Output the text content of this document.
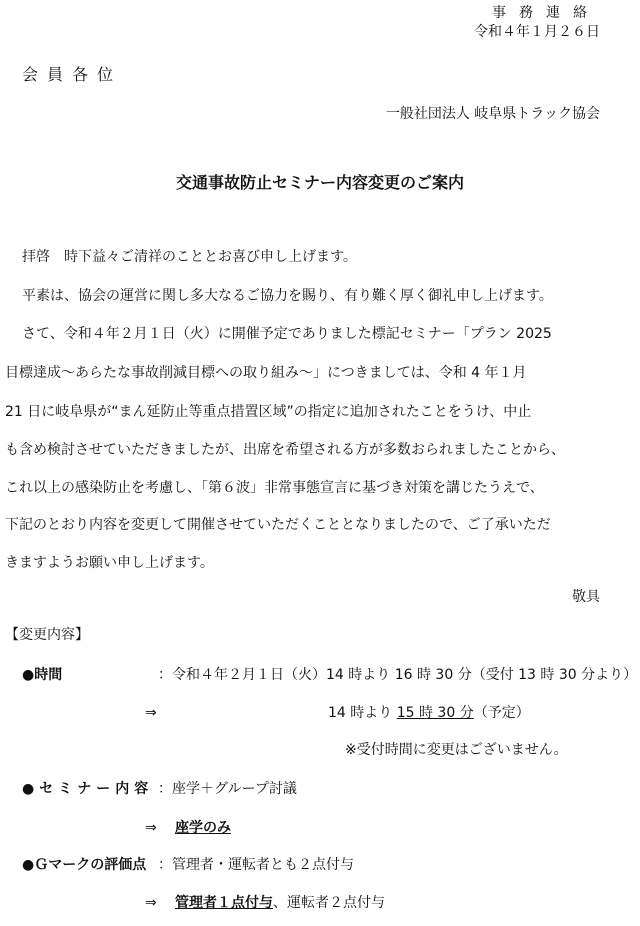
事務連絡
令和４年１月２６日
会員各位
一般社団法人 岐阜県トラック協会
交通事故防止セミナー内容変更のご案内

拝啓　時下益々ご清祥のこととお喜び申し上げます。

平素は、協会の運営に関し多大なるご協力を賜り、有り難く厚く御礼申し上げます。

さて、令和４年２月１日（火）に開催予定でありました標記セミナー「プラン 2025

目標達成～あらたな事故削減目標への取り組み～」につきましては、令和 4 年１月

21 日に岐阜県が“まん延防止等重点措置区域”の指定に追加されたことをうけ、中止

も含め検討させていただきましたが、出席を希望される方が多数おられましたことから、

これ以上の感染防止を考慮し、「第６波」非常事態宣言に基づき対策を講じたうえで、

下記のとおり内容を変更して開催させていただくこととなりましたので、ご了承いただ

きますようお願い申し上げます。

敬具
【変更内容】
●時間	：令和４年２月１日（火）14 時より 16 時 30 分（受付 13 時 30 分より）
⇒	14 時より 15 時 30 分（予定）
※受付時間に変更はございません。
●セミナー内容 ：座学＋グループ討議
⇒ 座学のみ
●Ｇマークの評価点 ：管理者・運転者とも２点付与
⇒ 管理者１点付与、運転者２点付与
